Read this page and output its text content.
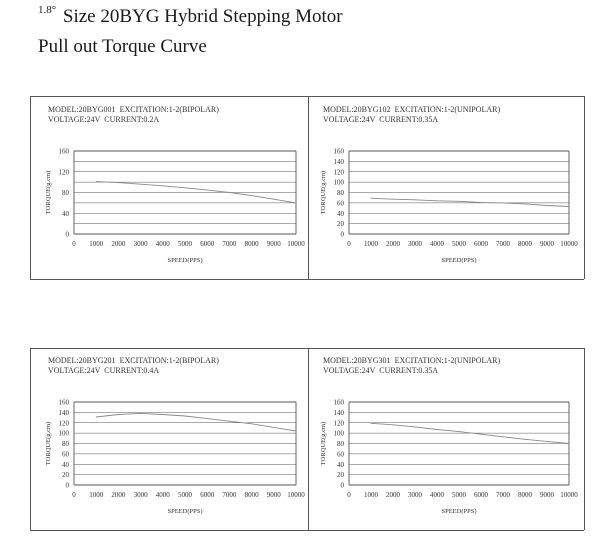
$^{1.8^\circ}$ Size 20BYG Hybrid Stepping Motor
Pull out Torque Curve
MODEL:20BYG001 EXCITATION:1-2(BIPOLAR)
VOLTAGE:24V CURRENT:0.2A
0
40
80
120
160
0 1000 2000 3000 4000 5000 6000 7000 8000 9000 10000
SPEED(PPS)
TORQUE(g.cm)
MODEL:20BYG102 EXCITATION:1-2(UNIPOLAR)
VOLTAGE:24V CURRENT:0.35A
0
20
40
60
80
100
120
140
160
0 1000 2000 3000 4000 5000 6000 7000 8000 9000 10000
SPEED(PPS)
TORQUE(g.cm)
MODEL:20BYG201 EXCITATION:1-2(BIPOLAR)
VOLTAGE:24V CURRENT:0.4A
0
20
40
60
80
100
120
140
160
0 1000 2000 3000 4000 5000 6000 7000 8000 9000 10000
SPEED(PPS)
TORQUE(g.cm)
MODEL:20BYG301 EXCITATION:1-2(UNIPOLAR)
VOLTAGE:24V CURRENT:0.35A
0
20
40
60
80
100
120
140
160
0 1000 2000 3000 4000 5000 6000 7000 8000 9000 10000
SPEED(PPS)
TORQUE(g.cm)
